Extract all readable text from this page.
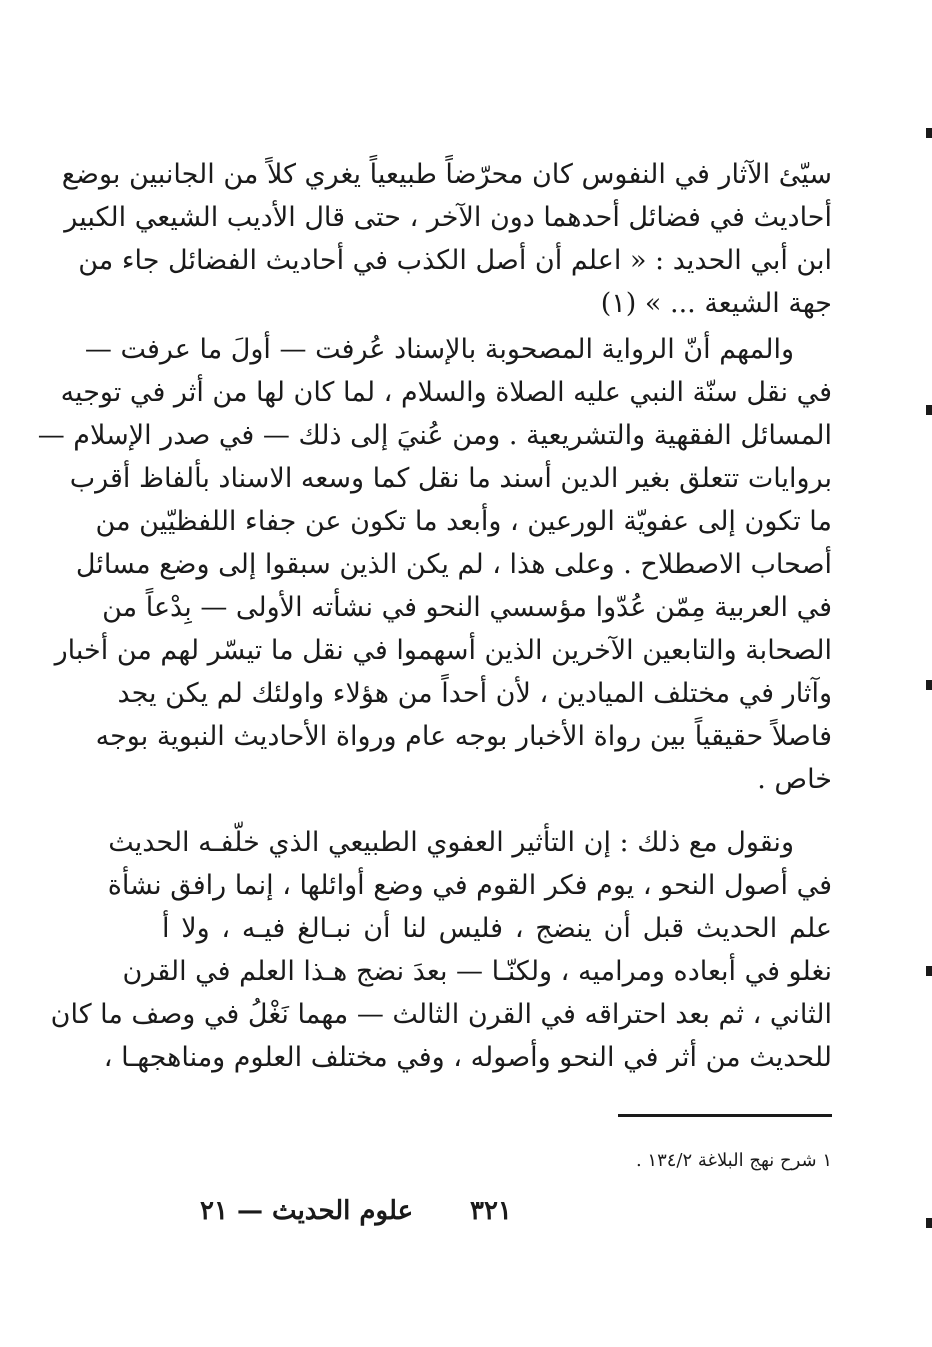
سيّئ الآثار في النفوس كان محرّضاً طبيعياً يغري كلاً من الجانبين بوضع
أحاديث في فضائل أحدهما دون الآخر ، حتى قال الأديب الشيعي الكبير
ابن أبي الحديد : « اعلم أن أصل الكذب في أحاديث الفضائل جاء من
جهة الشيعة ... » (١)
والمهم أنّ الرواية المصحوبة بالإسناد عُرفت — أولَ ما عرفت —
في نقل سنّة النبي عليه الصلاة والسلام ، لما كان لها من أثر في توجيه
المسائل الفقهية والتشريعية . ومن عُنيَ إلى ذلك — في صدر الإسلام —
بروايات تتعلق بغير الدين أسند ما نقل كما وسعه الاسناد بألفاظ أقرب
ما تكون إلى عفويّة الورعين ، وأبعد ما تكون عن جفاء اللفظيّين من
أصحاب الاصطلاح . وعلى هذا ، لم يكن الذين سبقوا إلى وضع مسائل
في العربية مِمّن عُدّوا مؤسسي النحو في نشأته الأولى — بِدْعاً من
الصحابة والتابعين الآخرين الذين أسهموا في نقل ما تيسّر لهم من أخبار
وآثار في مختلف الميادين ، لأن أحداً من هؤلاء واولئك لم يكن يجد
فاصلاً حقيقياً بين رواة الأخبار بوجه عام ورواة الأحاديث النبوية بوجه
خاص .
ونقول مع ذلك : إن التأثير العفوي الطبيعي الذي خلّفـه الحديث
في أصول النحو ، يوم فكر القوم في وضع أوائلها ، إنما رافق نشأة
علم الحديث قبل أن ينضج ، فليس لنا أن نبـالغ فيـه ، ولا أ
نغلو في أبعاده ومراميه ، ولكنّـا — بعدَ نضج هـذا العلم في القرن
الثاني ، ثم بعد احتراقه في القرن الثالث — مهما نَغْلُ في وصف ما كان
للحديث من أثر في النحو وأصوله ، وفي مختلف العلوم ومناهجهـا ،
١ شرح نهج البلاغة ١٣٤/٢ .
٣٢١
علوم الحديث — ٢١
